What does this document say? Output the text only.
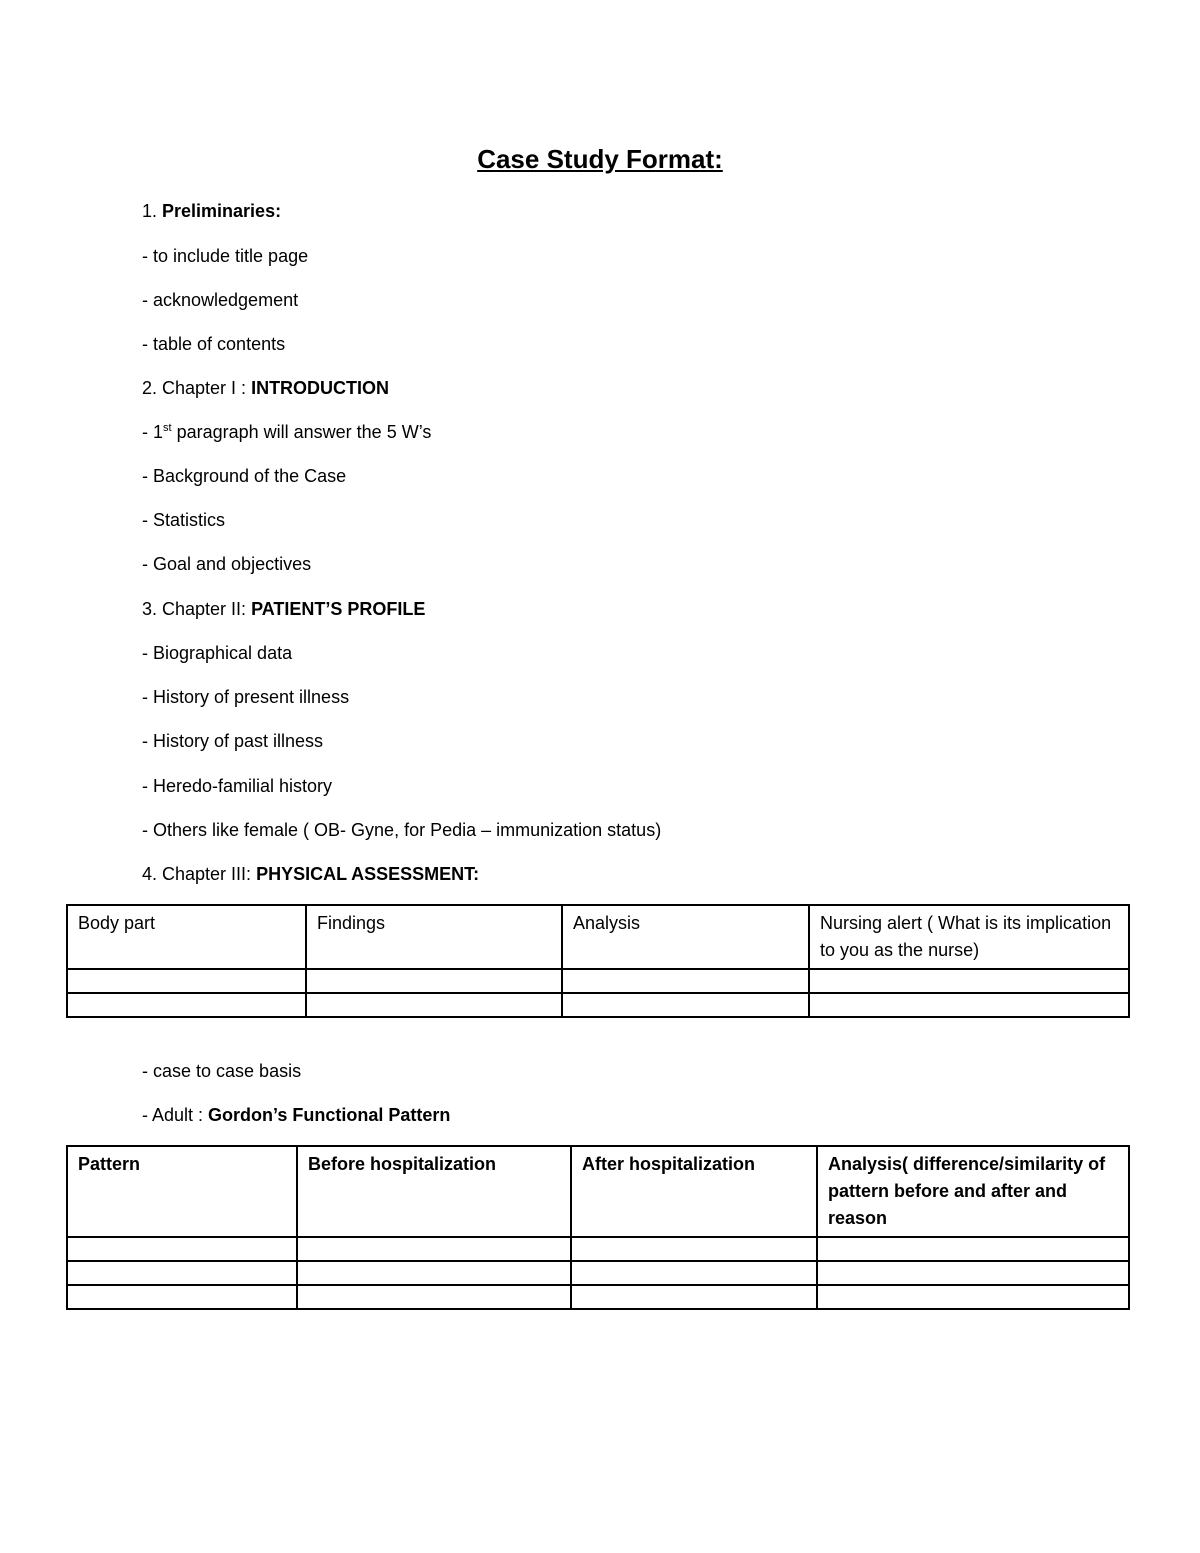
Case Study Format:
1. Preliminaries:
- to include title page
- acknowledgement
- table of contents
2. Chapter I : INTRODUCTION
- 1st paragraph will answer the 5 W’s
- Background of the Case
- Statistics
- Goal and objectives
3. Chapter II: PATIENT’S PROFILE
- Biographical data
- History of present illness
- History of past illness
- Heredo-familial history
- Others like female ( OB- Gyne, for Pedia – immunization status)
4. Chapter III: PHYSICAL ASSESSMENT:
Body part	Findings	Analysis	Nursing alert ( What is its implication to you as the nurse)

- case to case basis
- Adult : Gordon’s Functional Pattern
Pattern	Before hospitalization	After hospitalization	Analysis( difference/similarity of pattern before and after and reason
